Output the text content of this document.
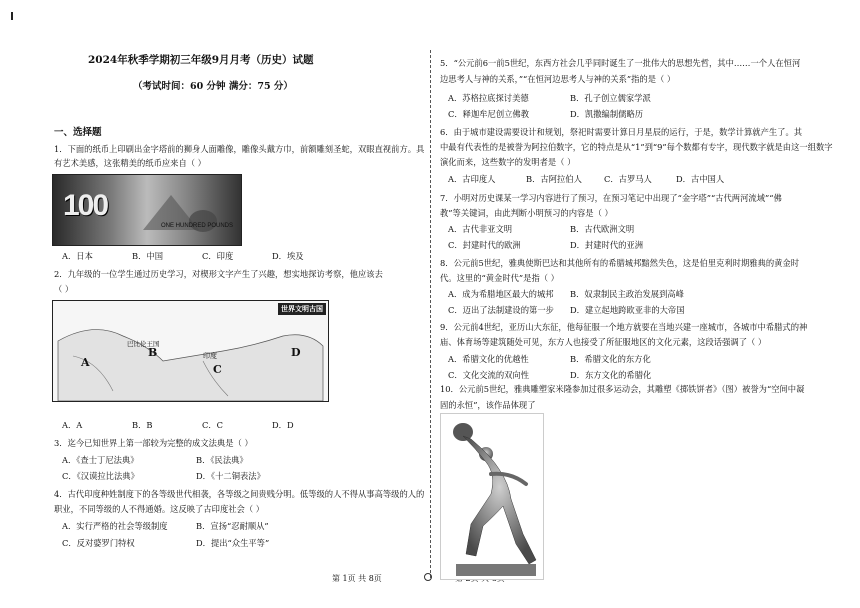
2024年秋季学期初三年级9月月考（历史）试题
（考试时间：60 分钟 满分：75 分）
一、选择题
1．下面的纸币上印刷出金字塔前的狮身人面雕像，雕像头戴方巾，前额雕刻圣蛇，双眼直视前方。具
有艺术美感，这张精美的纸币应来自（ ）
100
ONE HUNDRED POUNDS
A．日本	B．中国	C．印度	D．埃及
2．九年级的一位学生通过历史学习，对楔形文字产生了兴趣，想实地探访考察，他应该去
（ ）
世界文明古国
A
B
C
D
巴比伦王国
印度
A．A	B．B	C．C	D．D
3．迄今已知世界上第一部较为完整的成文法典是（ ）
A．《查士丁尼法典》	B．《民法典》
C．《汉谟拉比法典》	D．《十二铜表法》
4．古代印度种姓制度下的各等级世代相袭，各等级之间贵贱分明。低等级的人不得从事高等级的人的
职业，不同等级的人不得通婚。这反映了古印度社会（ ）
A．实行严格的社会等级制度	B．宣扬“忍耐顺从”
C．反对婆罗门特权	D．提出“众生平等”
第 1页 共 8页
5．“公元前6一前5世纪，东西方社会几乎同时诞生了一批伟大的思想先哲，其中……一个人在恒河
边思考人与神的关系，”“在恒河边思考人与神的关系”指的是（ ）
A．苏格拉底探讨美德	B．孔子创立儒家学派
C．释迦牟尼创立佛教	D．凯撒编制儒略历
6．由于城市建设需要设计和规划，祭祀时需要计算日月星辰的运行，于是，数学计算就产生了。其
中最有代表性的是被誉为阿拉伯数字，它的特点是从“1”到“9”每个数都有专字，现代数字就是由这一组数字
演化而来，这些数字的发明者是（ ）
A．古印度人	B．古阿拉伯人	C．古罗马人	D．古中国人
7．小明对历史课某一学习内容进行了预习，在预习笔记中出现了“金字塔”“古代两河流域”“佛
教”等关键词，由此判断小明预习的内容是（ ）
A．古代非亚文明	B．古代欧洲文明
C．封建时代的欧洲	D．封建时代的亚洲
8．公元前5世纪，雅典使斯巴达和其他所有的希腊城邦黯然失色，这是伯里克利时期雅典的黄金时
代。这里的“黄金时代”是指（ ）
A．成为希腊地区最大的城邦 B．奴隶制民主政治发展到高峰
C．迈出了法制建设的第一步 D．建立起地跨欧亚非的大帝国
9．公元前4世纪，亚历山大东征，他每征服一个地方就要在当地兴建一座城市，各城市中希腊式的神
庙、体育场等建筑随处可见，东方人也接受了所征服地区的文化元素，这段话强调了（ ）
A．希腊文化的优越性	B．希腊文化的东方化
C．文化交流的双向性	D．东方文化的希腊化
10．公元前5世纪，雅典雕塑家米隆参加过很多运动会，其雕塑《掷铁饼者》（图）被誉为“空间中凝
固的永恒”，该作品体现了
